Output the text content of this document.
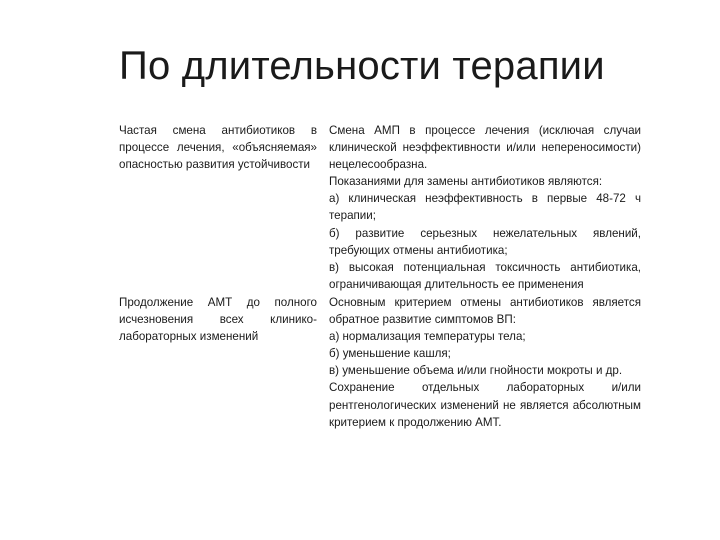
По длительности терапии

Частая смена антибиотиков в процессе лечения, «объясняемая» опасностью развития устойчивости

Смена АМП в процессе лечения (исключая случаи клинической неэффективности и/или непереносимости) нецелесообразна.

Показаниями для замены антибиотиков являются:

а) клиническая неэффективность в первые 48-72 ч терапии;

б) развитие серьезных нежелательных явлений, требующих отмены антибиотика;

в) высокая потенциальная токсичность антибиотика, ограничивающая длительность ее применения

Продолжение АМТ до полного исчезновения всех клинико-лабораторных изменений

Основным критерием отмены антибиотиков является обратное развитие симптомов ВП:

а) нормализация температуры тела;

б) уменьшение кашля;

в) уменьшение объема и/или гнойности мокроты и др.

Сохранение отдельных лабораторных и/или рентгенологических изменений не является абсолютным критерием к продолжению АМТ.
